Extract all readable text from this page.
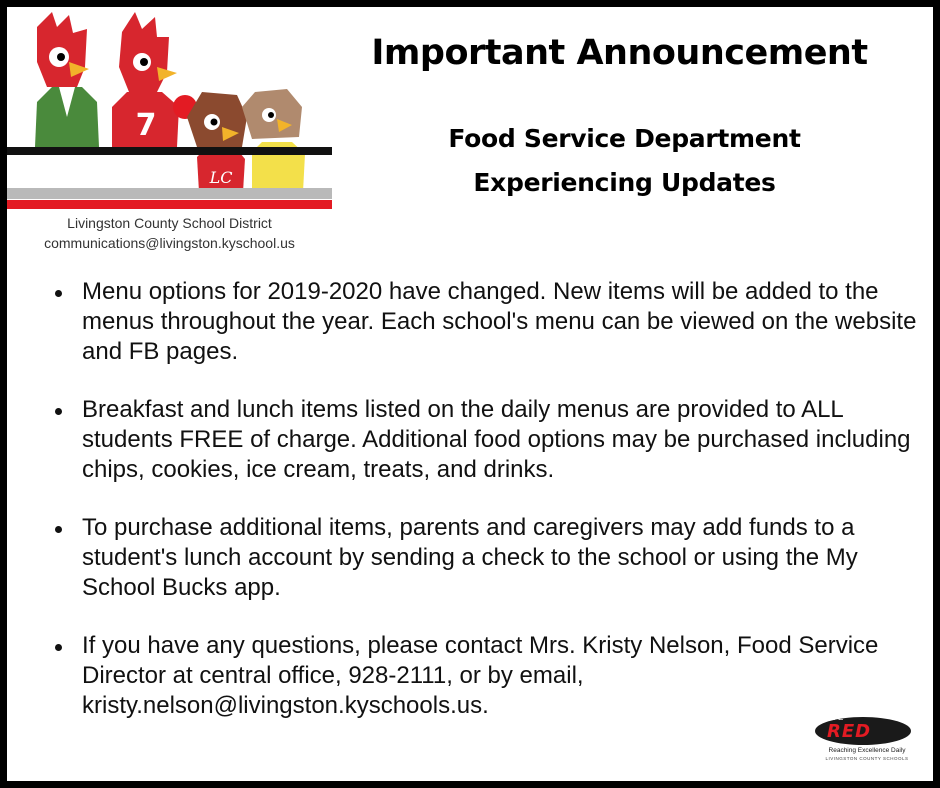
7
LC
Livingston County School District
communications@livingston.kyschool.us
Important Announcement
Food Service Department
Experiencing Updates
Menu options for 2019-2020 have changed. New items will be added to the menus throughout the year. Each school's menu can be viewed on the website and FB pages.
Breakfast and lunch items listed on the daily menus are provided to ALL students FREE of charge. Additional food options may be purchased including chips, cookies, ice cream, treats, and drinks.
To purchase additional items, parents and caregivers may add funds to a student's lunch account by sending a check to the school or using the My School Bucks app.
If you have any questions, please contact Mrs. Kristy Nelson, Food Service Director at central office, 928-2111, or by email, kristy.nelson@livingston.kyschools.us.	LIVE
RED
Reaching Excellence Daily
LIVINGSTON COUNTY SCHOOLS
